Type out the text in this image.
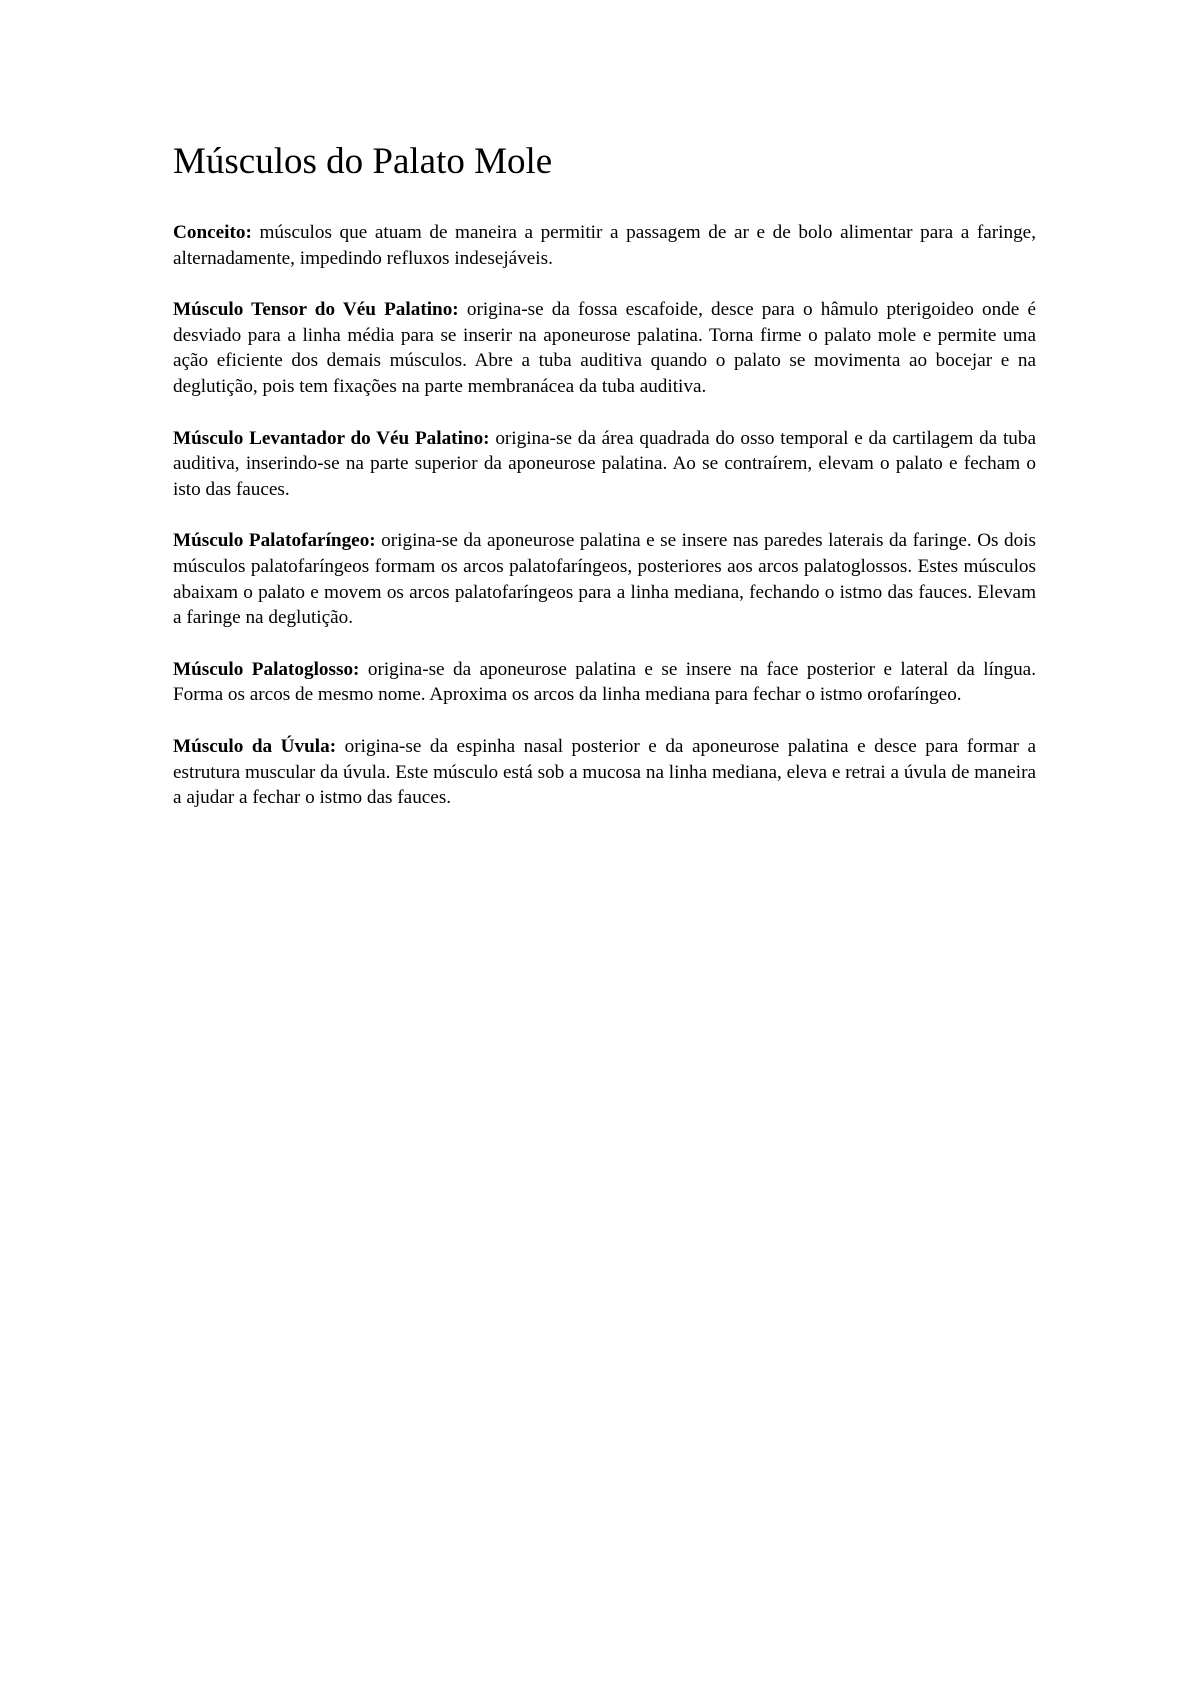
Músculos do Palato Mole

Conceito: músculos que atuam de maneira a permitir a passagem de ar e de bolo alimentar para a faringe, alternadamente, impedindo refluxos indesejáveis.

Músculo Tensor do Véu Palatino: origina-se da fossa escafoide, desce para o hâmulo pterigoideo onde é desviado para a linha média para se inserir na aponeurose palatina. Torna firme o palato mole e permite uma ação eficiente dos demais músculos. Abre a tuba auditiva quando o palato se movimenta ao bocejar e na deglutição, pois tem fixações na parte membranácea da tuba auditiva.

Músculo Levantador do Véu Palatino: origina-se da área quadrada do osso temporal e da cartilagem da tuba auditiva, inserindo-se na parte superior da aponeurose palatina. Ao se contraírem, elevam o palato e fecham o isto das fauces.

Músculo Palatofaríngeo: origina-se da aponeurose palatina e se insere nas paredes laterais da faringe. Os dois músculos palatofaríngeos formam os arcos palatofaríngeos, posteriores aos arcos palatoglossos. Estes músculos abaixam o palato e movem os arcos palatofaríngeos para a linha mediana, fechando o istmo das fauces. Elevam a faringe na deglutição.

Músculo Palatoglosso: origina-se da aponeurose palatina e se insere na face posterior e lateral da língua. Forma os arcos de mesmo nome. Aproxima os arcos da linha mediana para fechar o istmo orofaríngeo.

Músculo da Úvula: origina-se da espinha nasal posterior e da aponeurose palatina e desce para formar a estrutura muscular da úvula. Este músculo está sob a mucosa na linha mediana, eleva e retrai a úvula de maneira a ajudar a fechar o istmo das fauces.
